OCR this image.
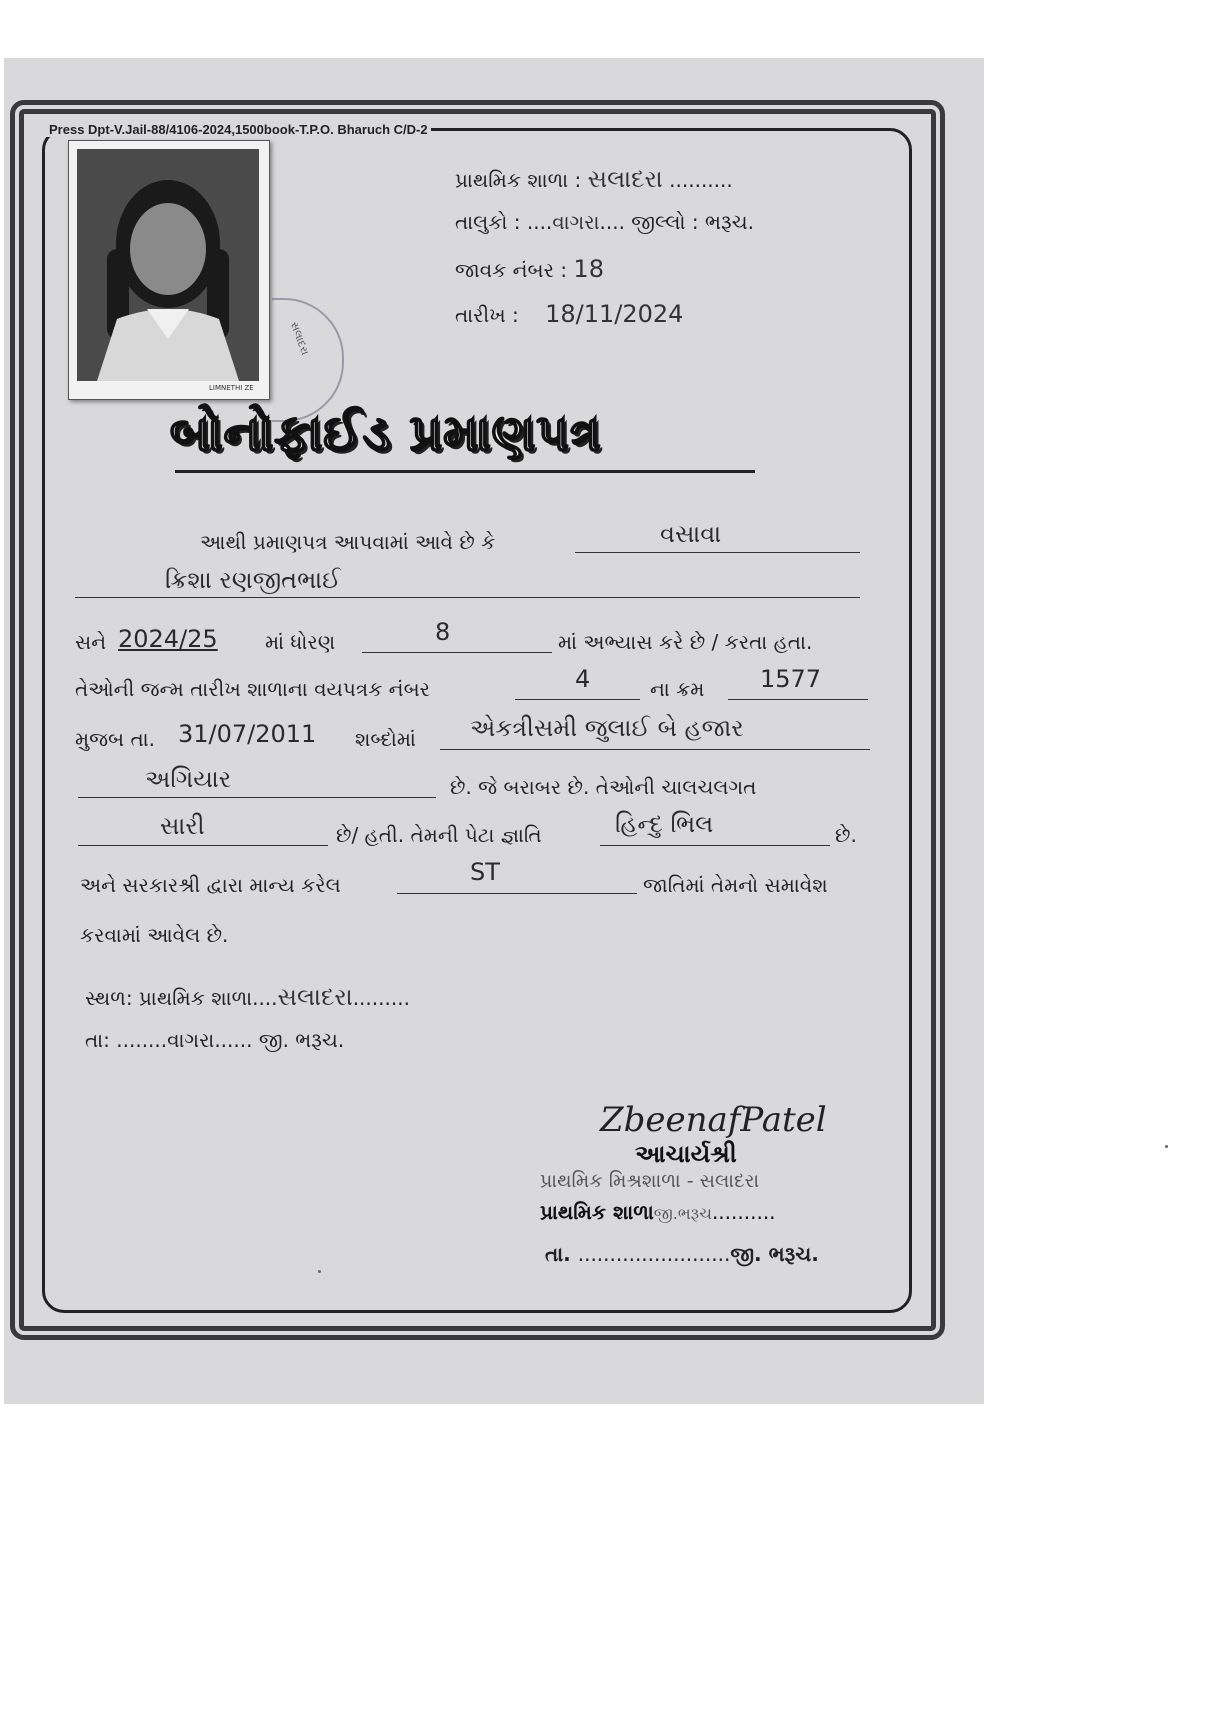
Press Dpt-V.Jail-88/4106-2024,1500book-T.P.O. Bharuch C/D-2
LIMNETHI ZE
સલાદરા
પ્રાથમિક શાળા : સલાદરા ..........
તાલુકો : ....વાગરા.... જીલ્લો : ભરૂચ.
જાવક નંબર : 18
તારીખ : 18/11/2024
બોનોફાઈડ પ્રમાણપત્ર
આથી પ્રમાણપત્ર આપવામાં આવે છે કે	વસાવા
ક્રિશા રણજીતભાઈ
સને 2024/25 માં ધોરણ	8	માં અભ્યાસ કરે છે / કરતા હતા.
તેઓની જન્મ તારીખ શાળાના વયપત્રક નંબર	4	ના ક્રમ 1577
મુજબ તા. 31/07/2011 શબ્દોમાં એકત્રીસમી જુલાઈ બે હજાર
અગિયાર	છે. જે બરાબર છે. તેઓની ચાલચલગત
સારી	છે/ હતી. તેમની પેટા જ્ઞાતિ	હિન્દુ ભિલ	છે.
અને સરકારશ્રી દ્વારા માન્ય કરેલ	ST	જાતિમાં તેમનો સમાવેશ
કરવામાં આવેલ છે.
સ્થળ: પ્રાથમિક શાળા....સલાદરા.........
તા: ........વાગરા...... જી. ભરૂચ.
ZbeenafPatel
આચાર્યશ્રી
પ્રાથમિક મિશ્રશાળા - સલાદરા
પ્રાથમિક શાળાજી.ભરૂચ..........
તા. ........................જી. ભરૂચ.
